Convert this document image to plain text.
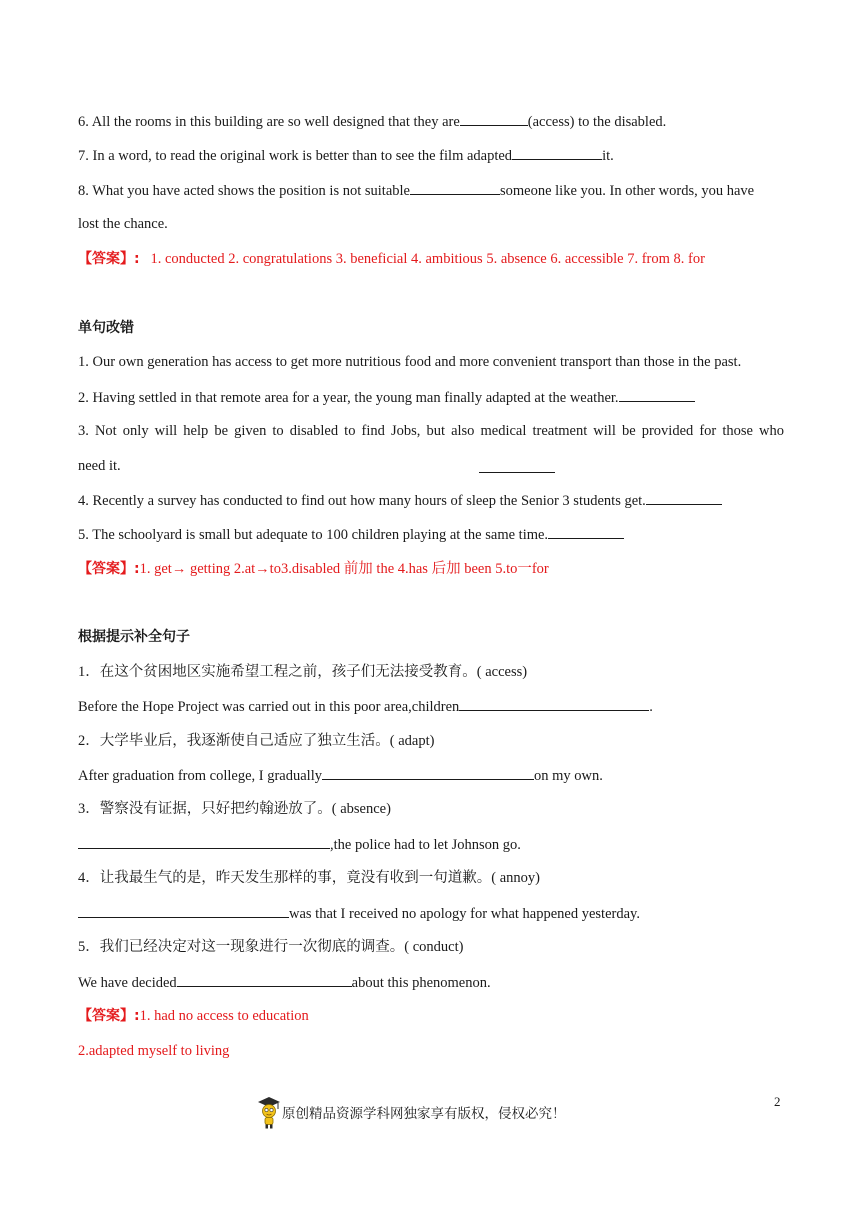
6. All the rooms in this building are so well designed that they are	(access) to the disabled.
7. In a word, to read the original work is better than to see the film adapted	it.
8. What you have acted shows the position is not suitable	someone like you. In other words, you have
lost the chance.
【答案】: 1. conducted 2. congratulations 3. beneficial 4. ambitious 5. absence 6. accessible 7. from 8. for
单句改错
1. Our own generation has access to get more nutritious food and more convenient transport than those in the past.
2. Having settled in that remote area for a year, the young man finally adapted at the weather.
3. Not only will help be given to disabled to find Jobs, but also medical treatment will be provided for those who
need it.
4. Recently a survey has conducted to find out how many hours of sleep the Senior 3 students get.
5. The schoolyard is small but adequate to 100 children playing at the same time.
【答案】:1. get→ getting 2.at→to3.disabled 前加 the 4.has 后加 been 5.to一for
根据提示补全句子
1．在这个贫困地区实施希望工程之前，孩子们无法接受教育。( access)
Before the Hope Project was carried out in this poor area,children	.
2．大学毕业后，我逐渐使自己适应了独立生活。( adapt)
After graduation from college, I gradually	on my own.
3．警察没有证据，只好把约翰逊放了。( absence)
,the police had to let Johnson go.
4．让我最生气的是，昨天发生那样的事，竟没有收到一句道歉。( annoy)
was that I received no apology for what happened yesterday.
5．我们已经决定对这一现象进行一次彻底的调查。( conduct)
We have decided	about this phenomenon.
【答案】:1. had no access to education
2.adapted myself to living
原创精品资源学科网独家享有版权，侵权必究！
2
